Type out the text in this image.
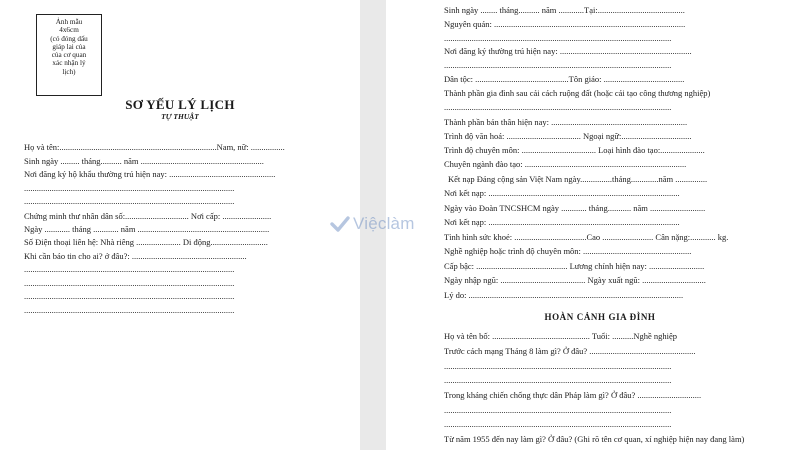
Ảnh mẫu
4x6cm
(có đóng dấu
giáp lai của
của cơ quan
xác nhận lý
lịch)
SƠ YẾU LÝ LỊCH
TỰ THUẬT
Họ và tên:..........................................................................Nam, nữ: ................
Sinh ngày ......... tháng.......... năm ..........................................................
Nơi đăng ký hộ khẩu thường trú hiện nay: ..................................................
...................................................................................................
...................................................................................................
Chứng minh thư nhân dân số:.............................. Nơi cấp: .......................
Ngày ............ tháng ............ năm ..............................................................
Số Điện thoại liên hệ: Nhà riêng ..................... Di động...........................
Khi cần báo tin cho ai? ở đâu?: ......................................................
...................................................................................................
...................................................................................................
...................................................................................................
...................................................................................................
Sinh ngày ........ tháng.......... năm ............Tại:.........................................
Nguyên quán: ..........................................................................................
...........................................................................................................
Nơi đăng ký thường trú hiện nay: ..............................................................
...........................................................................................................
Dân tộc: ............................................Tôn giáo: ......................................
Thành phần gia đình sau cải cách ruộng đất (hoặc cải tạo công thương nghiệp)
...........................................................................................................
Thành phần bản thân hiện nay: ................................................................
Trình độ văn hoá: ................................... Ngoại ngữ:.................................
Trình độ chuyên môn: ................................... Loại hình đào tạo:.....................
Chuyên ngành đào tạo: ............................................................................
Kết nạp Đảng cộng sản Việt Nam ngày...............tháng.............năm ...............
Nơi kết nạp: ..........................................................................................
Ngày vào Đoàn TNCSHCM ngày ............ tháng........... năm ..........................
Nơi kết nạp: ..........................................................................................
Tình hình sức khoẻ: ..................................Cao ........................ Cân nặng:............ kg.
Nghề nghiệp hoặc trình độ chuyên môn: ...................................................
Cấp bậc: ........................................... Lương chính hiện nay: ..........................
Ngày nhập ngũ: ........................................ Ngày xuất ngũ: ..............................
Lý do: .....................................................................................................
HOÀN CẢNH GIA ĐÌNH
Họ và tên bố: .............................................. Tuổi: ..........Nghề nghiệp
Trước cách mạng Tháng 8 làm gì? Ở đâu? ..................................................
...........................................................................................................
...........................................................................................................
Trong kháng chiến chống thực dân Pháp làm gì? Ở đâu? ..............................
...........................................................................................................
...........................................................................................................
Từ năm 1955 đến nay làm gì? Ở đâu? (Ghi rõ tên cơ quan, xí nghiệp hiện nay đang làm)
Việclàm
